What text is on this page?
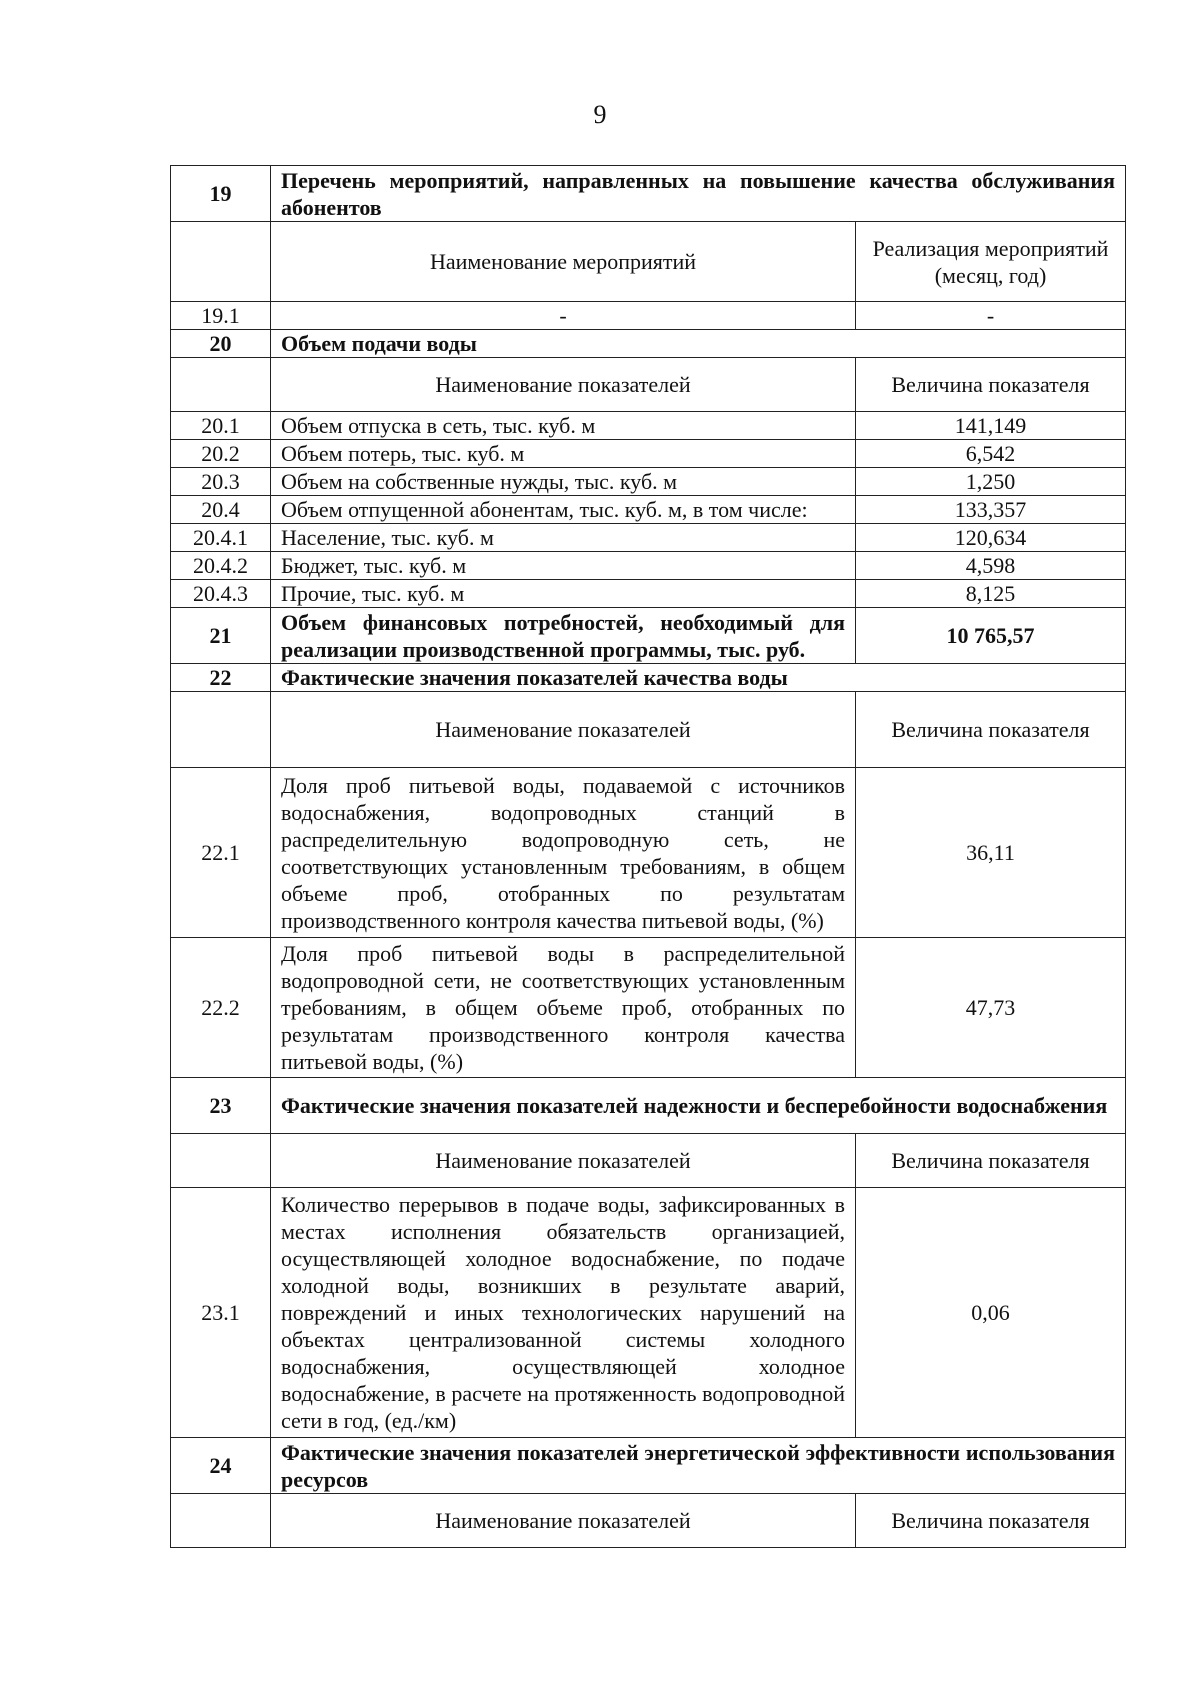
9
19	Перечень мероприятий, направленных на повышение качества обслуживания абонентов	
	Наименование мероприятий	Реализация мероприятий (месяц, год)
19.1	-	-
20	Объем подачи воды	
	Наименование показателей	Величина показателя
20.1	Объем отпуска в сеть, тыс. куб. м	141,149
20.2	Объем потерь, тыс. куб. м	6,542
20.3	Объем на собственные нужды, тыс. куб. м	1,250
20.4	Объем отпущенной абонентам, тыс. куб. м, в том числе:	133,357
20.4.1	Население, тыс. куб. м	120,634
20.4.2	Бюджет, тыс. куб. м	4,598
20.4.3	Прочие, тыс. куб. м	8,125
21	Объем финансовых потребностей, необходимый для реализации производственной программы, тыс. руб.	10 765,57
22	Фактические значения показателей качества воды	
	Наименование показателей	Величина показателя
22.1	Доля проб питьевой воды, подаваемой с источников водоснабжения, водопроводных станций в распределительную водопроводную сеть, не соответствующих установленным требованиям, в общем объеме проб, отобранных по результатам производственного контроля качества питьевой воды, (%)	36,11
22.2	Доля проб питьевой воды в распределительной водопроводной сети, не соответствующих установленным требованиям, в общем объеме проб, отобранных по результатам производственного контроля качества питьевой воды, (%)	47,73
23	Фактические значения показателей надежности и бесперебойности водоснабжения	
	Наименование показателей	Величина показателя
23.1	Количество перерывов в подаче воды, зафиксированных в местах исполнения обязательств организацией, осуществляющей холодное водоснабжение, по подаче холодной воды, возникших в результате аварий, повреждений и иных технологических нарушений на объектах централизованной системы холодного водоснабжения, осуществляющей холодное водоснабжение, в расчете на протяженность водопроводной сети в год, (ед./км)	0,06
24	Фактические значения показателей энергетической эффективности использования ресурсов	
	Наименование показателей	Величина показателя
